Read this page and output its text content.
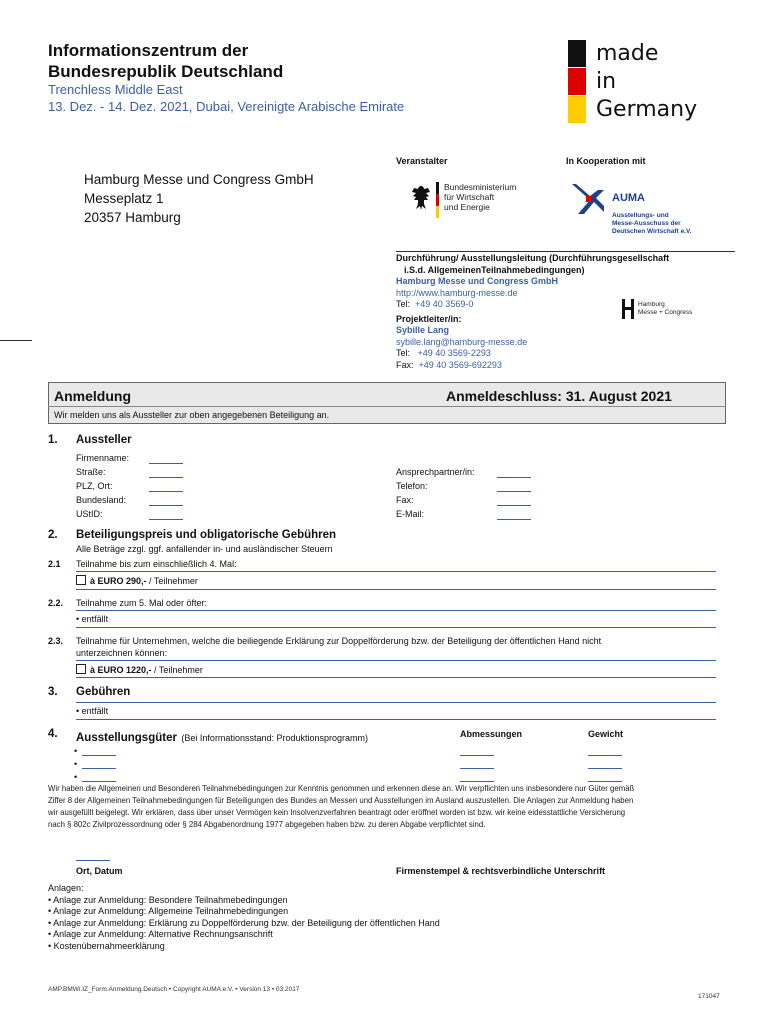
Informationszentrum der
Bundesrepublik Deutschland
Trenchless Middle East
13. Dez. - 14. Dez. 2021, Dubai, Vereinigte Arabische Emirate
made
in
Germany
Veranstalter	In Kooperation mit
Hamburg Messe und Congress GmbH
Messeplatz 1
20357 Hamburg
Bundesministerium
für Wirtschaft
und Energie
AUMA
Ausstellungs- und
Messe-Ausschuss der
Deutschen Wirtschaft e.V.
Durchführung/ Ausstellungsleitung (Durchführungsgesellschaft
i.S.d. AllgemeinenTeilnahmebedingungen)
Hamburg Messe und Congress GmbH
http://www.hamburg-messe.de
Tel: +49 40 3569-0
Projektleiter/in:
Sybille Lang
sybille.lang@hamburg-messe.de
Tel: +49 40 3569-2293
Fax: +49 40 3569-692293
Hamburg
Messe + Congress
Anmeldung	Anmeldeschluss: 31. August 2021
Wir melden uns als Aussteller zur oben angegebenen Beteiligung an.
1. Aussteller
Firmenname:
Straße:
PLZ, Ort:
Bundesland:
UStID:
Ansprechpartner/in:
Telefon:
Fax:
E-Mail:
2. Beteiligungspreis und obligatorische Gebühren
Alle Beträge zzgl. ggf. anfallender in- und ausländischer Steuern
2.1 Teilnahme bis zum einschließlich 4. Mal:
à EURO 290,- / Teilnehmer
2.2. Teilnahme zum 5. Mal oder öfter:
• entfällt
2.3. Teilnahme für Unternehmen, welche die beiliegende Erklärung zur Doppelförderung bzw. der Beteiligung der öffentlichen Hand nicht
unterzeichnen können:
à EURO 1220,- / Teilnehmer
3. Gebühren
• entfällt
4. Ausstellungsgüter (Bei Informationsstand: Produktionsprogramm)	Abmessungen	Gewicht
•
•
•
Wir haben die Allgemeinen und Besonderen Teilnahmebedingungen zur Kenntnis genommen und erkennen diese an. Wir verpflichten uns insbesondere nur Güter gemäß
Ziffer 8 der Allgemeinen Teilnahmebedingungen für Beteiligungen des Bundes an Messen und Ausstellungen im Ausland auszustellen. Die Anlagen zur Anmeldung haben
wir ausgefüllt beigelegt. Wir erklären, dass über unser Vermögen kein Insolvenzverfahren beantragt oder eröffnet worden ist bzw. wir keine eidesstattliche Versicherung
nach § 802c Zivilprozessordnung oder § 284 Abgabenordnung 1977 abgegeben haben bzw. zu deren Abgabe verpflichtet sind.
Ort, Datum	Firmenstempel & rechtsverbindliche Unterschrift
Anlagen:
• Anlage zur Anmeldung: Besondere Teilnahmebedingungen
• Anlage zur Anmeldung: Allgemeine Teilnahmebedingungen
• Anlage zur Anmeldung: Erklärung zu Doppelförderung bzw. der Beteiligung der öffentlichen Hand
• Anlage zur Anmeldung: Alternative Rechnungsanschrift
• Kostenübernahmeerklärung
AMP.BMWi.IZ_Form.Anmeldung.Deutsch • Copyright AUMA e.V. • Version 13 • 03.2017
171047
